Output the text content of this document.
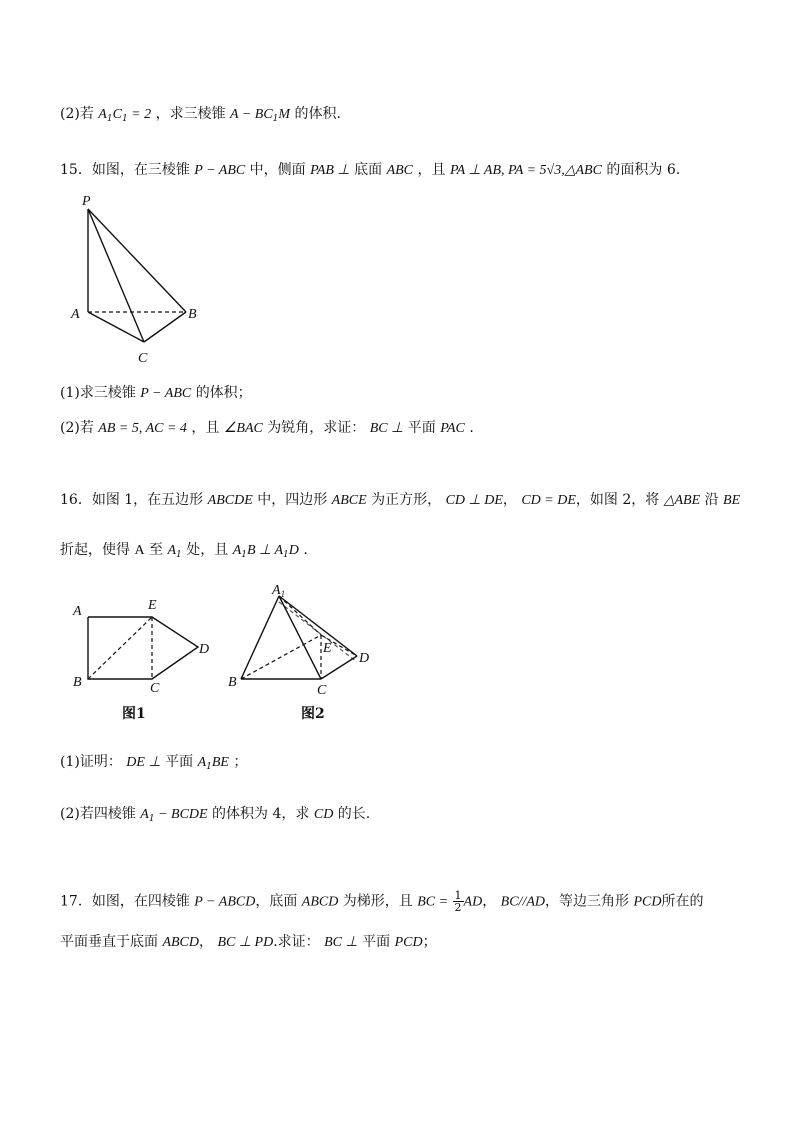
(2)若 $A_1C_1 = 2$ ，求三棱锥 $A - BC_1M$ 的体积.
15．如图，在三棱锥 P − ABC 中，侧面 PAB ⊥ 底面 ABC ，且 PA ⊥ AB, PA = 5√3,△ABC 的面积为 6.
P
A	B
C
(1)求三棱锥 P − ABC 的体积；
(2)若 AB = 5, AC = 4 ，且 ∠BAC 为锐角，求证： BC ⊥ 平面 PAC .
16．如图 1，在五边形 ABCDE 中，四边形 ABCE 为正方形， CD ⊥ DE， CD = DE，如图 2，将 △ABE 沿 BE
折起，使得 A 至 $A_1$ 处，且 $A_1B$ ⊥ $A_1D$ .
A	E
D
B	C
图1
$A_1$
E
D
B
C
图2
(1)证明： DE ⊥ 平面 $A_1BE$ ；
(2)若四棱锥 $A_1$ − BCDE 的体积为 4，求 CD 的长.
17．如图，在四棱锥 P − ABCD，底面 ABCD 为梯形，且 BC = $\frac{1}{2}$ AD， BC//AD，等边三角形 PCD所在的
平面垂直于底面 ABCD， BC ⊥ PD.求证： BC ⊥ 平面 PCD；
